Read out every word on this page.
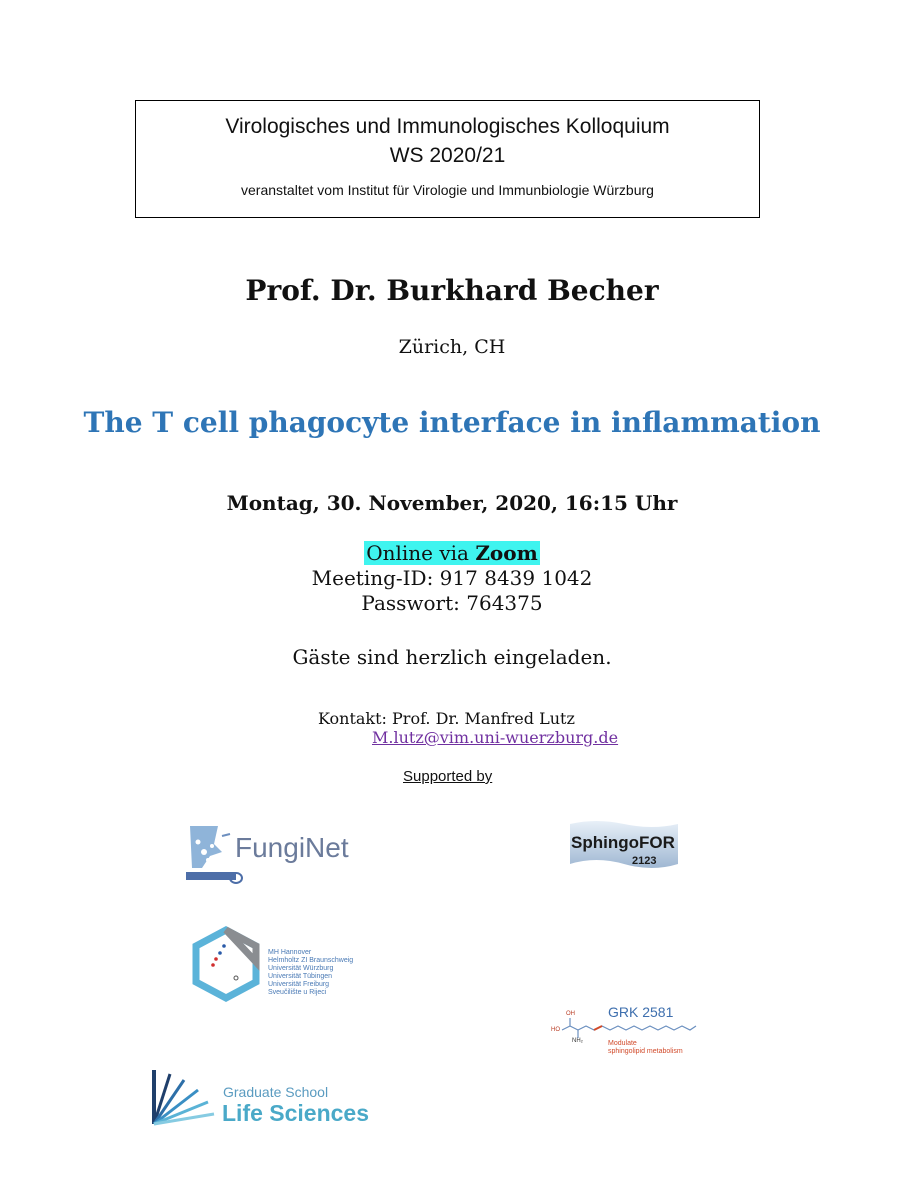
Virologisches und Immunologisches Kolloquium
WS 2020/21
veranstaltet vom Institut für Virologie und Immunbiologie Würzburg
Prof. Dr. Burkhard Becher
Zürich, CH
The T cell phagocyte interface in inflammation
Montag, 30. November, 2020, 16:15 Uhr
Online via Zoom
Meeting-ID: 917 8439 1042
Passwort: 764375
Gäste sind herzlich eingeladen.
Kontakt: Prof. Dr. Manfred Lutz
M.lutz@vim.uni-wuerzburg.de
Supported by
FungiNet	SphingoFOR
2123
MH Hannover
Helmholtz ZI Braunschweig
Universität Würzburg
Universität Tübingen
Universität Freiburg
Sveučilište u Rijeci
OH
HO
NH₂
GRK 2581
Modulate
sphingolipid metabolism
Graduate School
Life Sciences
